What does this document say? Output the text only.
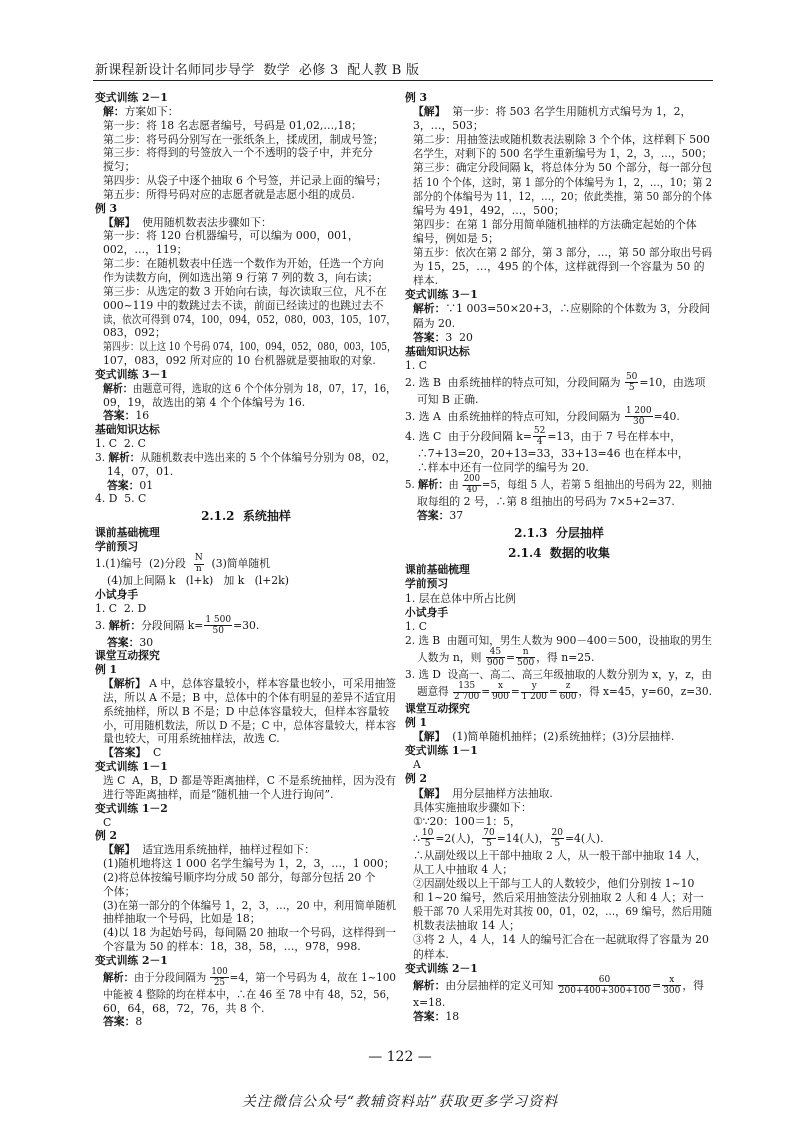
新课程新设计名师同步导学  数学  必修 3  配人教 B 版
变式训练 2－1
解：方案如下：
第一步：将 18 名志愿者编号，号码是 01,02,…,18；
第二步：将号码分别写在一张纸条上，揉成团，制成号签；
第三步：将得到的号签放入一个不透明的袋子中，并充分
搅匀；
第四步：从袋子中逐个抽取 6 个号签，并记录上面的编号；
第五步：所得号码对应的志愿者就是志愿小组的成员.
例 3
【解】  使用随机数表法步骤如下：
第一步：将 120 台机器编号，可以编为 000，001，
002，…，119；
第二步：在随机数表中任选一个数作为开始，任选一个方向
作为读数方向，例如选出第 9 行第 7 列的数 3，向右读；
第三步：从选定的数 3 开始向右读，每次读取三位，凡不在
000~119 中的数跳过去不读，前面已经读过的也跳过去不
读，依次可得到 074，100，094，052，080，003，105，107，
083，092；
第四步：以上这 10 个号码 074，100，094，052，080，003，105，
107，083，092 所对应的 10 台机器就是要抽取的对象.
变式训练 3－1
解析：由题意可得，选取的这 6 个个体分别为 18，07，17，16，
09，19，故选出的第 4 个个体编号为 16.
答案：16
基础知识达标
1. C  2. C
3. 解析：从随机数表中选出来的 5 个个体编号分别为 08，02，
14，07，01.
答案：01
4. D  5. C
2.1.2  系统抽样
课前基础梳理
学前预习
1.(1)编号  (2)分段 $\frac{N}{n} (3)$简单随机
(4)加上间隔 k   (l+k)   加 k   (l+2k)
小试身手
1. C  2. D
3. 解析：分段间隔 $k= \frac{1 500}{50} =30$.
答案：30
课堂互动探究
例 1
【解析】 A 中，总体容量较小，样本容量也较小，可采用抽签
法，所以 A 不是；B 中，总体中的个体有明显的差异不适宜用
系统抽样，所以 B 不是；D 中总体容量较大，但样本容量较
小，可用随机数法，所以 D 不是；C 中，总体容量较大，样本容
量也较大，可用系统抽样法，故选 C.
【答案】  C
变式训练 1－1
选 C  A，B，D 都是等距离抽样，C 不是系统抽样，因为没有
进行等距离抽样，而是“随机抽一个人进行询问”.
变式训练 1－2
C
例 2
【解】  适宜选用系统抽样，抽样过程如下：
(1)随机地将这 1 000 名学生编号为 1，2，3，…，1 000；
(2)将总体按编号顺序均分成 50 部分，每部分包括 20 个
个体；
(3)在第一部分的个体编号 1，2，3，…，20 中，利用简单随机
抽样抽取一个号码，比如是 18；
(4)以 18 为起始号码，每间隔 20 抽取一个号码，这样得到一
个容量为 50 的样本：18，38，58，…，978，998.
变式训练 2－1
解析：由于分段间隔为 $\frac{100}{25} =4$，第一个号码为 4，故在 1~100
中能被 4 整除的均在样本中，∴在 46 至 78 中有 48，52，56，
60，64，68，72，76，共 8 个.
答案：8
例 3
【解】  第一步：将 503 名学生用随机方式编号为 1，2，
3，…，503；
第二步：用抽签法或随机数表法剔除 3 个个体，这样剩下 500
名学生，对剩下的 500 名学生重新编号为 1，2，3，…，500；
第三步：确定分段间隔 k，将总体分为 50 个部分，每一部分包
括 10 个个体，这时，第 1 部分的个体编号为 1，2，…，10；第 2
部分的个体编号为 11，12，…，20；依此类推，第 50 部分的个体
编号为 491，492，…，500；
第四步：在第 1 部分用简单随机抽样的方法确定起始的个体
编号，例如是 5；
第五步：依次在第 2 部分，第 3 部分，…，第 50 部分取出号码
为 15，25，…，495 的个体，这样就得到一个容量为 50 的
样本.
变式训练 3－1
解析：∵1 003=50×20+3，∴应剔除的个体数为 3，分段间
隔为 20.
答案：3  20
基础知识达标
1. C
2. 选 B  由系统抽样的特点可知，分段间隔为 $\frac{50}{5} =10$，由选项
可知 B 正确.
3. 选 A  由系统抽样的特点可知，分段间隔为 $\frac{1 200}{30} =40$.
4. 选 C  由于分段间隔 $k= \frac{52}{4} =13$，由于 7 号在样本中，
∴7+13=20，20+13=33，33+13=46 也在样本中，
∴样本中还有一位同学的编号为 20.
5. 解析：由 $\frac{200}{40} =5$，每组 5 人，若第 5 组抽出的号码为 22，则抽
取每组的 2 号，∴第 8 组抽出的号码为 7×5+2=37.
答案：37
2.1.3  分层抽样
2.1.4  数据的收集
课前基础梳理
学前预习
1. 层在总体中所占比例
小试身手
1. C
2. 选 B  由题可知，男生人数为 900－400＝500，设抽取的男生
人数为 n，则 $\frac{45}{900} = \frac{n}{500}$ ，得 n=25.
3. 选 D  设高一、高二、高三年级抽取的人数分别为 x，y，z，由
题意得 $\frac{135}{2 700} = \frac{x}{900} = \frac{y}{1 200} = \frac{z}{600}$ ，得 x=45，y=60，z=30.
课堂互动探究
例 1
【解】  (1)简单随机抽样；(2)系统抽样；(3)分层抽样.
变式训练 1－1
A
例 2
【解】  用分层抽样方法抽取.
具体实施抽取步骤如下：
①∵20：100＝1：5，
∴ $\frac{10}{5} =2$(人)， $\frac{70}{5} =14$(人)， $\frac{20}{5} =4$(人).
∴从副处级以上干部中抽取 2 人，从一般干部中抽取 14 人，
从工人中抽取 4 人；
②因副处级以上干部与工人的人数较少，他们分别按 1~10
和 1~20 编号，然后采用抽签法分别抽取 2 人和 4 人；对一
般干部 70 人采用先对其按 00，01，02，…，69 编号，然后用随
机数表法抽取 14 人；
③将 2 人，4 人，14 人的编号汇合在一起就取得了容量为 20
的样本.
变式训练 2－1
解析：由分层抽样的定义可知 $\frac{60}{200+400+300+100} = \frac{x}{300}$ ，得
x=18.
答案：18
— 122 —
关注微信公众号“教辅资料站”获取更多学习资料
